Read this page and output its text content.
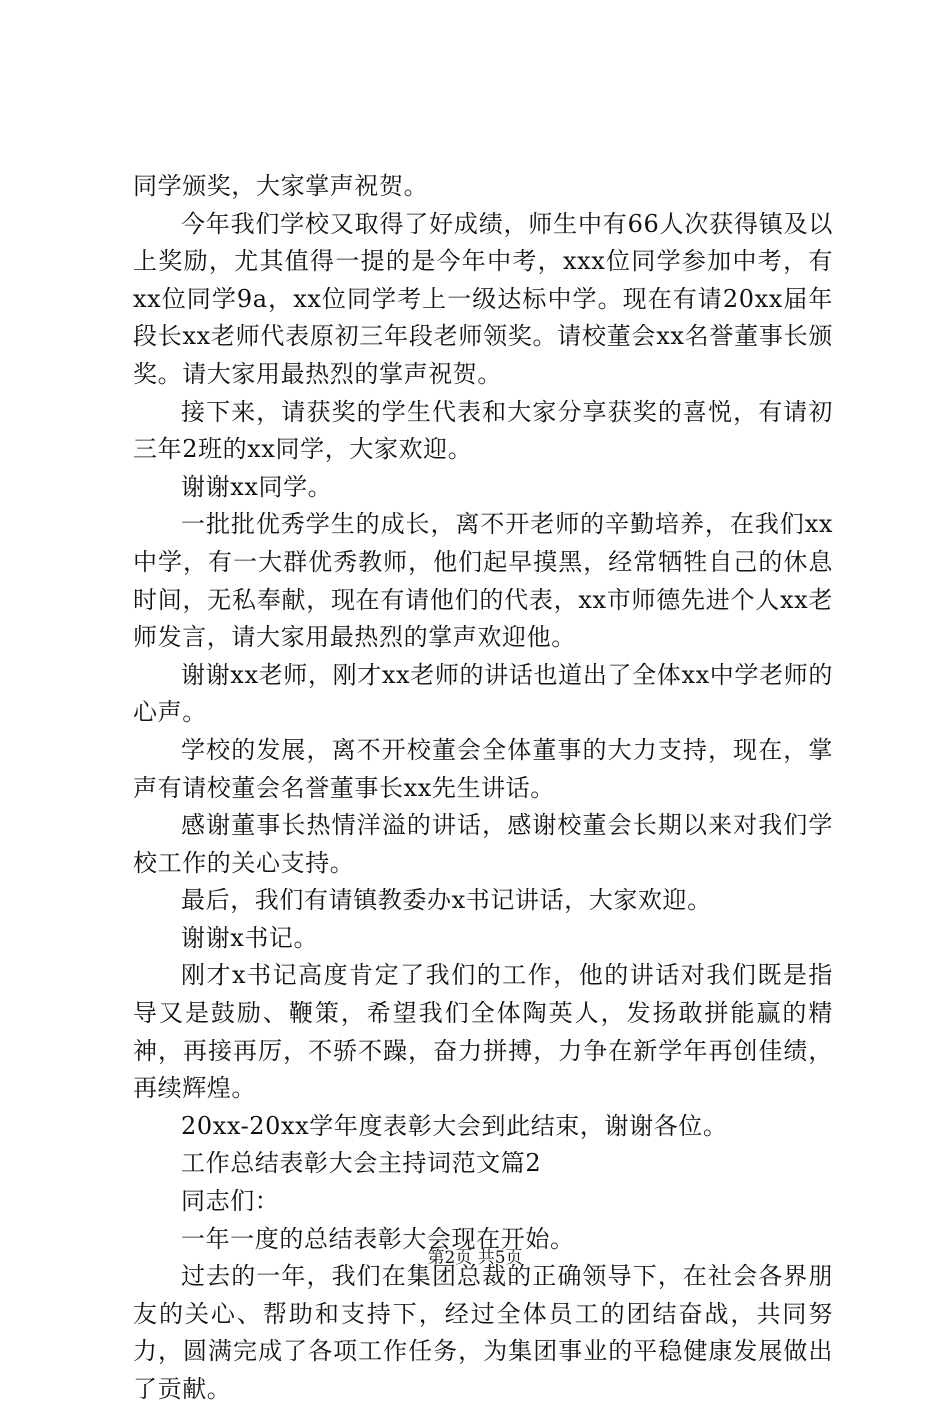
同学颁奖，大家掌声祝贺。

今年我们学校又取得了好成绩，师生中有66人次获得镇及以上奖励，尤其值得一提的是今年中考，xxx位同学参加中考，有xx位同学9a，xx位同学考上一级达标中学。现在有请20xx届年段长xx老师代表原初三年段老师领奖。请校董会xx名誉董事长颁奖。请大家用最热烈的掌声祝贺。

接下来，请获奖的学生代表和大家分享获奖的喜悦，有请初三年2班的xx同学，大家欢迎。

谢谢xx同学。

一批批优秀学生的成长，离不开老师的辛勤培养，在我们xx中学，有一大群优秀教师，他们起早摸黑，经常牺牲自己的休息时间，无私奉献，现在有请他们的代表，xx市师德先进个人xx老师发言，请大家用最热烈的掌声欢迎他。

谢谢xx老师，刚才xx老师的讲话也道出了全体xx中学老师的心声。

学校的发展，离不开校董会全体董事的大力支持，现在，掌声有请校董会名誉董事长xx先生讲话。

感谢董事长热情洋溢的讲话，感谢校董会长期以来对我们学校工作的关心支持。

最后，我们有请镇教委办x书记讲话，大家欢迎。

谢谢x书记。

刚才x书记高度肯定了我们的工作，他的讲话对我们既是指导又是鼓励、鞭策，希望我们全体陶英人，发扬敢拼能赢的精神，再接再厉，不骄不躁，奋力拼搏，力争在新学年再创佳绩，再续辉煌。

20xx-20xx学年度表彰大会到此结束，谢谢各位。

工作总结表彰大会主持词范文篇2

同志们：

一年一度的总结表彰大会现在开始。

过去的一年，我们在集团总裁的正确领导下，在社会各界朋友的关心、帮助和支持下，经过全体员工的团结奋战，共同努力，圆满完成了各项工作任务，为集团事业的平稳健康发展做出了贡献。

第2页 共5页
